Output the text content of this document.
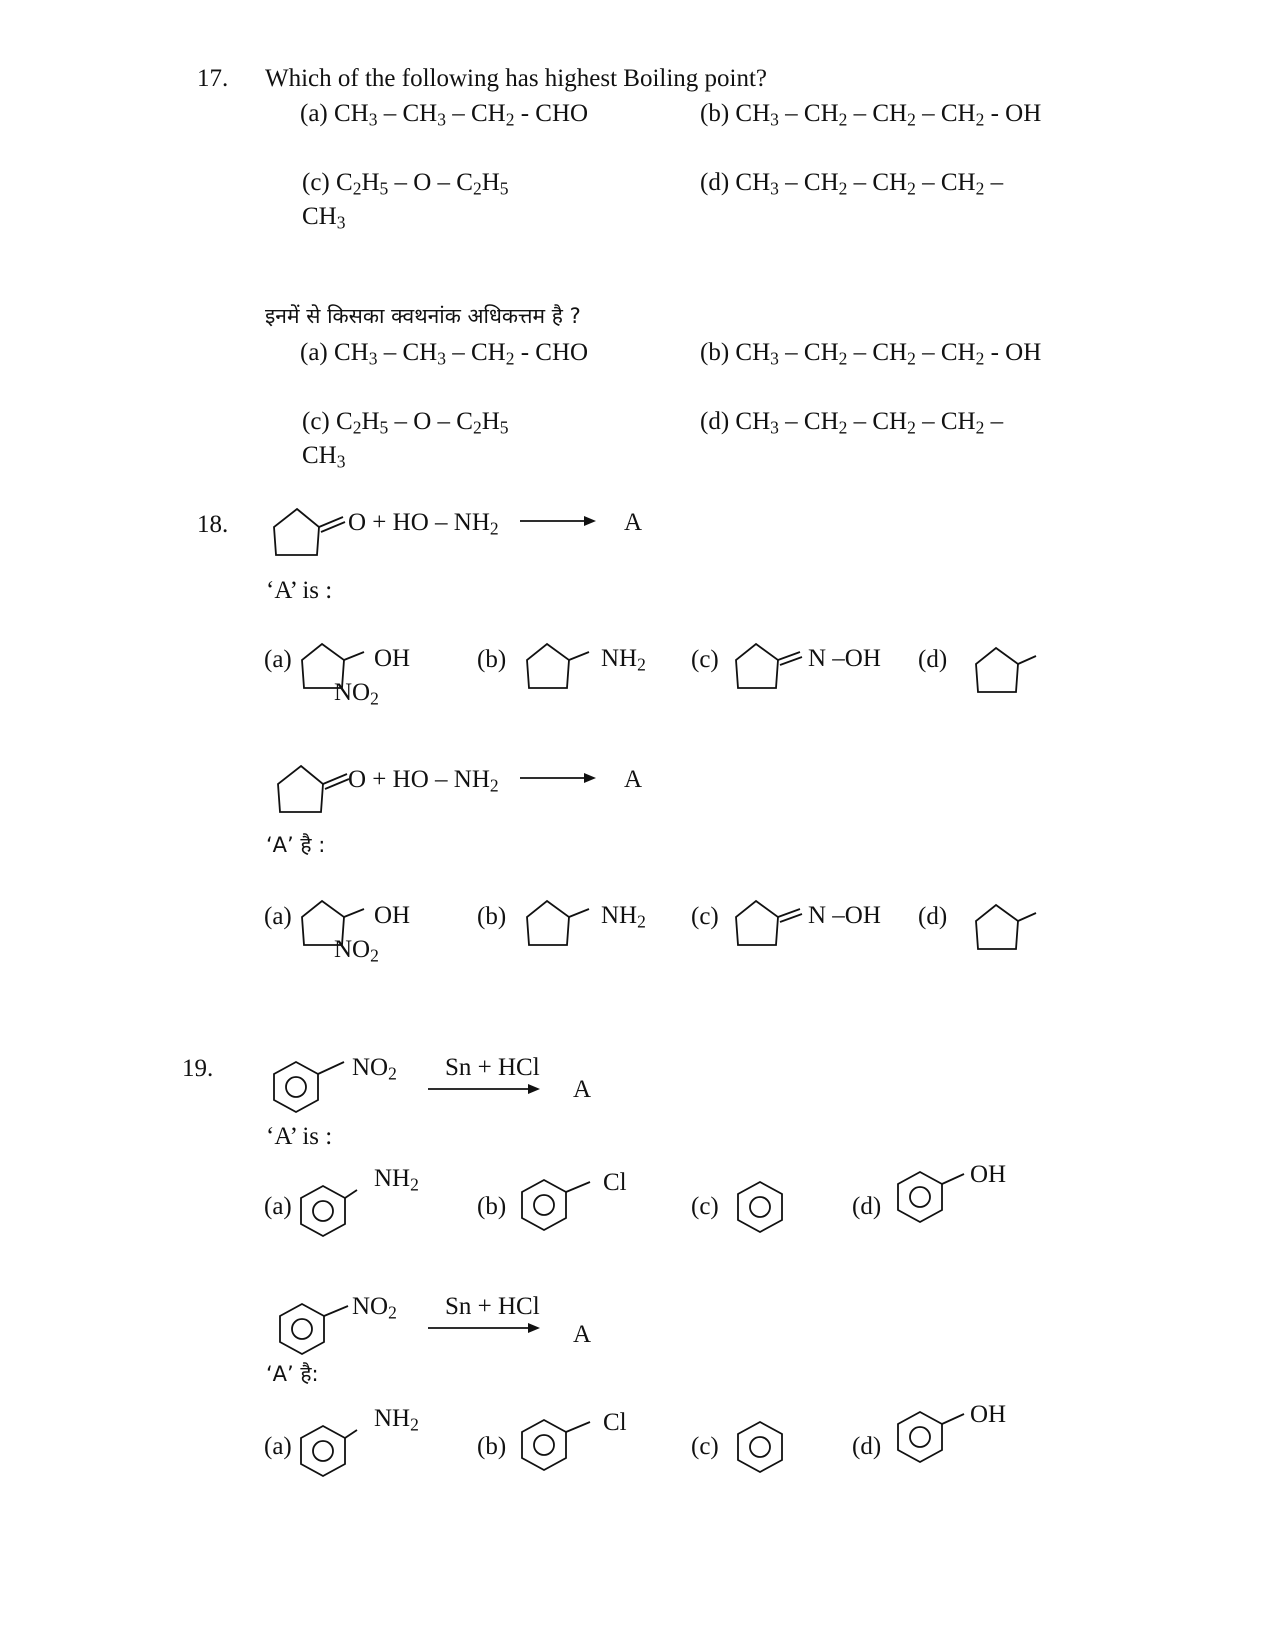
17. Which of the following has highest Boiling point?
(a) $CH_3 - CH_3 - CH_2$ - CHO	(b) $CH_3 - CH_2 - CH_2 - CH_2$ - OH
(c) $C_2H_5$ – O – $C_2H_5$	(d) $CH_3 - CH_2 - CH_2 - CH_2$ –
$CH_3$
इनमें से किसका क्वथनांक अधिकत्तम है ?
(a) $CH_3 - CH_3 - CH_2$ - CHO	(b) $CH_3 - CH_2 - CH_2 - CH_2$ - OH
(c) $C_2H_5$ – O – $C_2H_5$	(d) $CH_3 - CH_2 - CH_2 - CH_2$ –
$CH_3$
18.	O + HO – $NH_2 \to A$
‘A’ is :
(a)	OH
$NO_2$
(b)	$NH_2$ (c)	N –OH (d)
O + HO – $NH_2$	A
‘A’ है :
(a)	OH
$NO_2$
(b)	$NH_2$ (c)	N –OH (d)
19.	$NO_2$ Sn + HCl
A
‘A’ is :
(a)
$NH_2$
(b)
Cl
(c)	(d)
OH
$NO_2$ Sn + HCl
A
‘A’ है:
(a)
$NH_2$
(b)
Cl
(c)	(d)
OH
